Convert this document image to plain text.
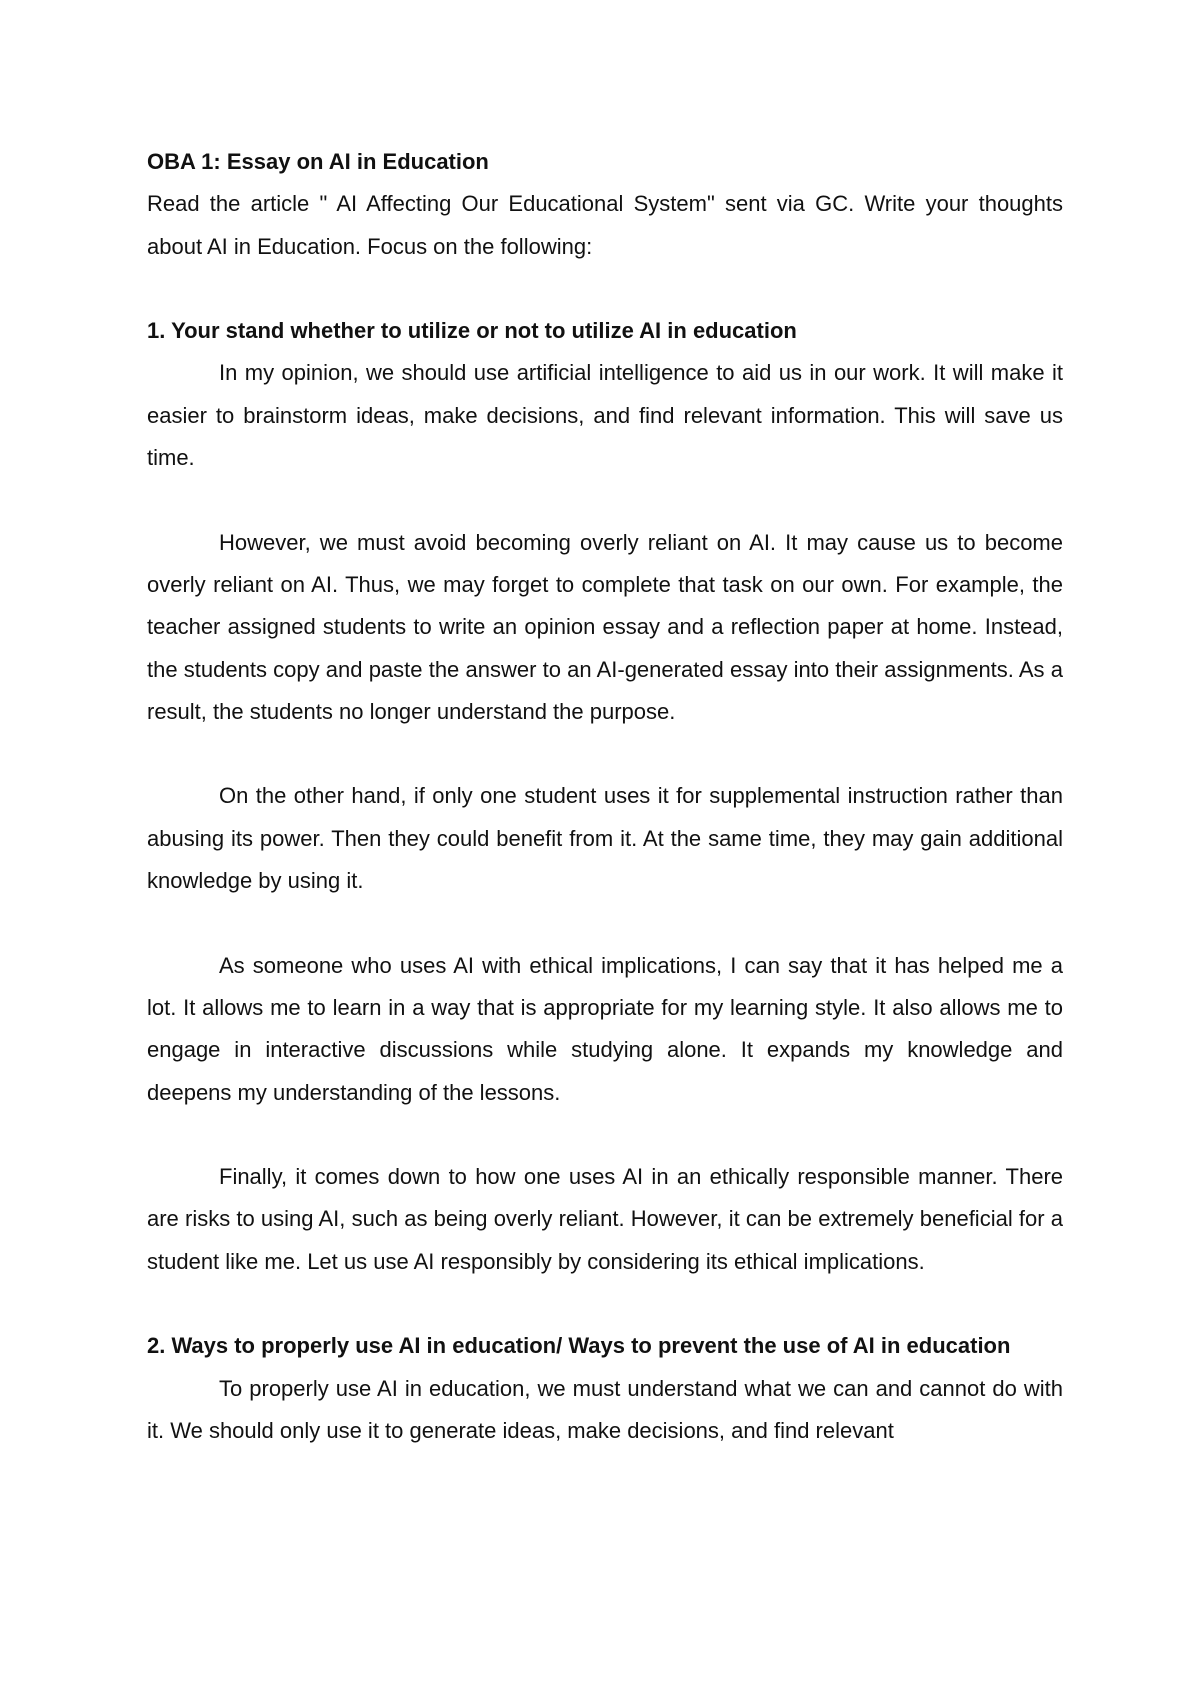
OBA 1: Essay on AI in Education

Read the article " AI Affecting Our Educational System" sent via GC. Write your thoughts about AI in Education. Focus on the following:

1. Your stand whether to utilize or not to utilize AI in education

In my opinion, we should use artificial intelligence to aid us in our work. It will make it easier to brainstorm ideas, make decisions, and find relevant information. This will save us time.

However, we must avoid becoming overly reliant on AI. It may cause us to become overly reliant on AI. Thus, we may forget to complete that task on our own. For example, the teacher assigned students to write an opinion essay and a reflection paper at home. Instead, the students copy and paste the answer to an AI-generated essay into their assignments. As a result, the students no longer understand the purpose.

On the other hand, if only one student uses it for supplemental instruction rather than abusing its power. Then they could benefit from it. At the same time, they may gain additional knowledge by using it.

As someone who uses AI with ethical implications, I can say that it has helped me a lot. It allows me to learn in a way that is appropriate for my learning style. It also allows me to engage in interactive discussions while studying alone. It expands my knowledge and deepens my understanding of the lessons.

Finally, it comes down to how one uses AI in an ethically responsible manner. There are risks to using AI, such as being overly reliant. However, it can be extremely beneficial for a student like me. Let us use AI responsibly by considering its ethical implications.

2. Ways to properly use AI in education/ Ways to prevent the use of AI in education

To properly use AI in education, we must understand what we can and cannot do with it. We should only use it to generate ideas, make decisions, and find relevant
